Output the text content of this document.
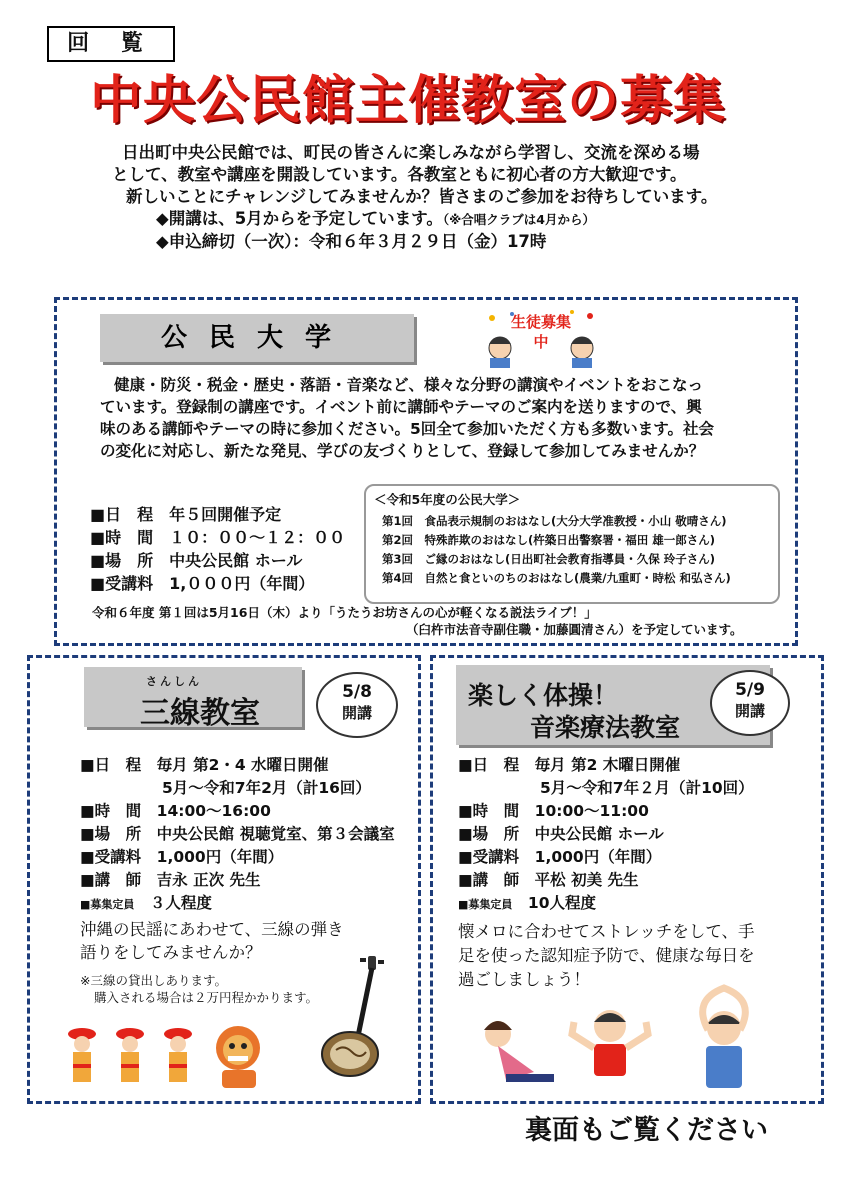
回 覧
中央公民館主催教室の募集

日出町中央公民館では、町民の皆さんに楽しみながら学習し、交流を深める場

として、教室や講座を開設しています。各教室ともに初心者の方大歓迎です。

新しいことにチャレンジしてみませんか？皆さまのご参加をお待ちしています。

◆開講は、5月からを予定しています。（※合唱クラブは4月から）

◆申込締切（一次）：令和６年３月２９日（金）17時

公民大学
生徒募集中
健康・防災・税金・歴史・落語・音楽など、様々な分野の講演やイベントをおこなっ
ています。登録制の講座です。イベント前に講師やテーマのご案内を送りますので、興
味のある講師やテーマの時に参加ください。5回全て参加いただく方も多数います。社会
の変化に対応し、新たな発見、学びの友づくりとして、登録して参加してみませんか？
■日　程　 年５回開催予定
■時　間　 １０：００～１２：００
■場　所　 中央公民館 ホール
■受講料　 1,０００円（年間）
＜令和5年度の公民大学＞
第1回　食品表示規制のおはなし(大分大学准教授・小山 敬晴さん)
第2回　特殊詐欺のおはなし(杵築日出警察署・福田 雄一郎さん)
第3回　ご縁のおはなし(日出町社会教育指導員・久保 玲子さん)
第4回　自然と食といのちのおはなし(農業/九重町・時松 和弘さん)
令和６年度 第１回は5月16日（木）より「うたうお坊さんの心が軽くなる説法ライブ！」
（臼杵市法音寺副住職・加藤圓清さん）を予定しています。
さんしん
三線教室
5/8
開講
■日　程　 毎月 第2・4 水曜日開催
5月～令和7年2月（計16回）
■時　間　 14:00～16:00
■場　所　 中央公民館 視聴覚室、第３会議室
■受講料　 1,000円（年間）
■講　師　 吉永 正次 先生
■募集定員　 ３人程度
沖縄の民謡にあわせて、三線の弾き
語りをしてみませんか？
※三線の貸出しあります。
購入される場合は２万円程かかります。
楽しく体操！
音楽療法教室
5/9
開講
■日　程　 毎月 第2 木曜日開催
5月～令和7年２月（計10回）
■時　間　 10:00～11:00
■場　所　 中央公民館 ホール
■受講料　 1,000円（年間）
■講　師　 平松 初美 先生
■募集定員　 10人程度
懐メロに合わせてストレッチをして、手
足を使った認知症予防で、健康な毎日を
過ごしましょう！
裏面もご覧ください
